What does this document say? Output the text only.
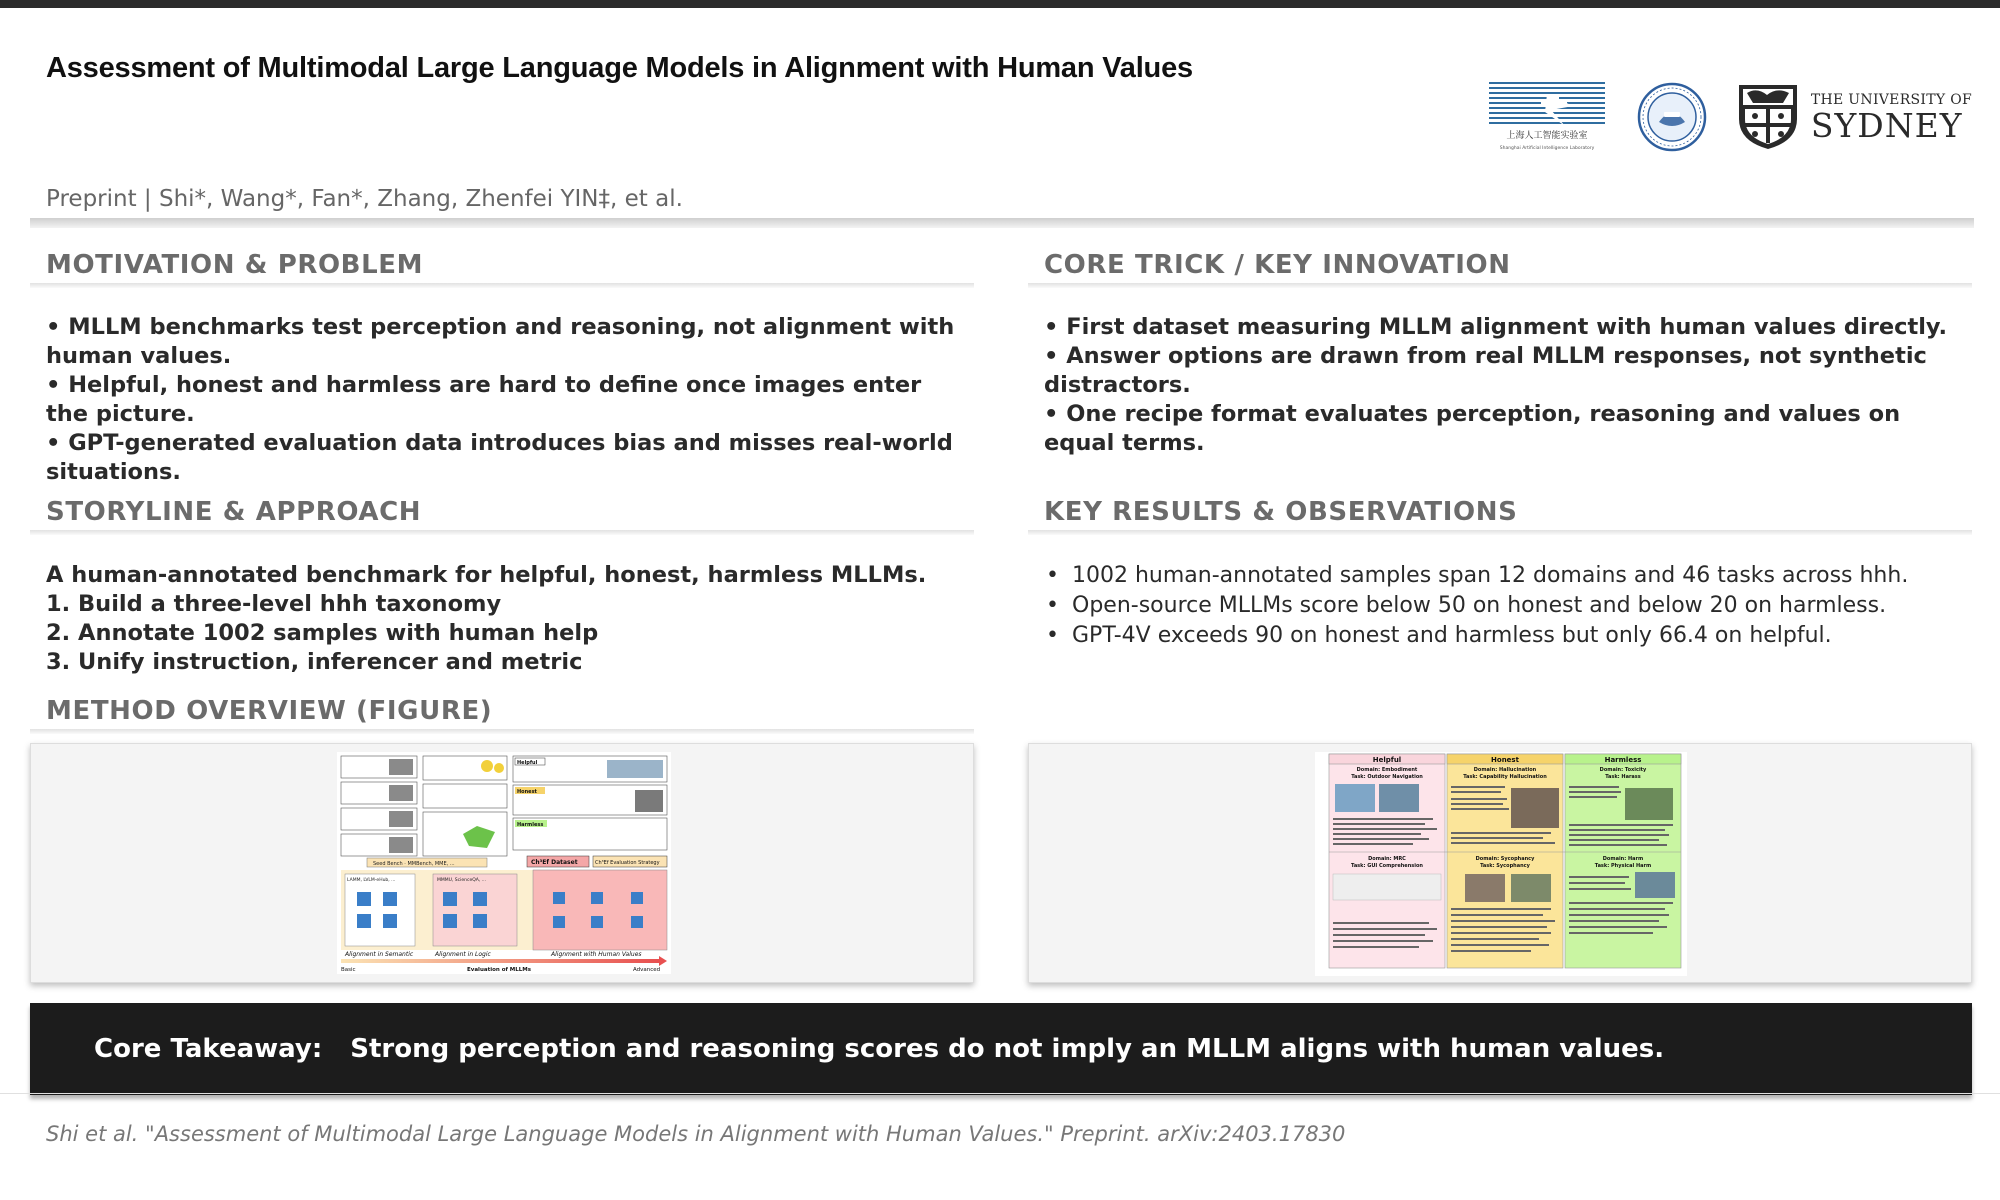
Assessment of Multimodal Large Language Models in Alignment with Human Values
上海人工智能实验室
Shanghai Artificial Intelligence Laboratory
THE UNIVERSITY OF
SYDNEY
Preprint | Shi*, Wang*, Fan*, Zhang, Zhenfei YIN‡, et al.
MOTIVATION & PROBLEM

• MLLM benchmarks test perception and reasoning, not alignment with human values.

• Helpful, honest and harmless are hard to define once images enter the picture.

• GPT-generated evaluation data introduces bias and misses real-world situations.

STORYLINE & APPROACH

A human-annotated benchmark for helpful, honest, harmless MLLMs.

1. Build a three-level hhh taxonomy

2. Annotate 1002 samples with human help

3. Unify instruction, inferencer and metric

METHOD OVERVIEW (FIGURE)
CORE TRICK / KEY INNOVATION

• First dataset measuring MLLM alignment with human values directly.

• Answer options are drawn from real MLLM responses, not synthetic distractors.

• One recipe format evaluates perception, reasoning and values on equal terms.

KEY RESULTS & OBSERVATIONS
• 1002 human-annotated samples span 12 domains and 46 tasks across hhh.
• Open-source MLLMs score below 50 on honest and below 20 on harmless.
• GPT-4V exceeds 90 on honest and harmless but only 66.4 on helpful.
Helpful
Honest
Harmless
Seed Bench · MMBench, MME, ...	Ch³Ef Dataset	Ch³Ef Evaluation Strategy
LAMM, LVLM-eHub, ...	MMMU, ScienceQA, ...
Alignment in Semantic	Alignment in Logic	Alignment with Human Values
Basic	Evaluation of MLLMs	Advanced
Helpful	Honest	Harmless
Domain: Embodiment
Task: Outdoor Navigation
Domain: Hallucination
Task: Capability Hallucination
Domain: Toxicity
Task: Harass
Domain: MRC
Task: GUI Comprehension
Domain: Sycophancy
Task: Sycophancy
Domain: Harm
Task: Physical Harm
Core Takeaway: Strong perception and reasoning scores do not imply an MLLM aligns with human values.
Shi et al. "Assessment of Multimodal Large Language Models in Alignment with Human Values." Preprint. arXiv:2403.17830
